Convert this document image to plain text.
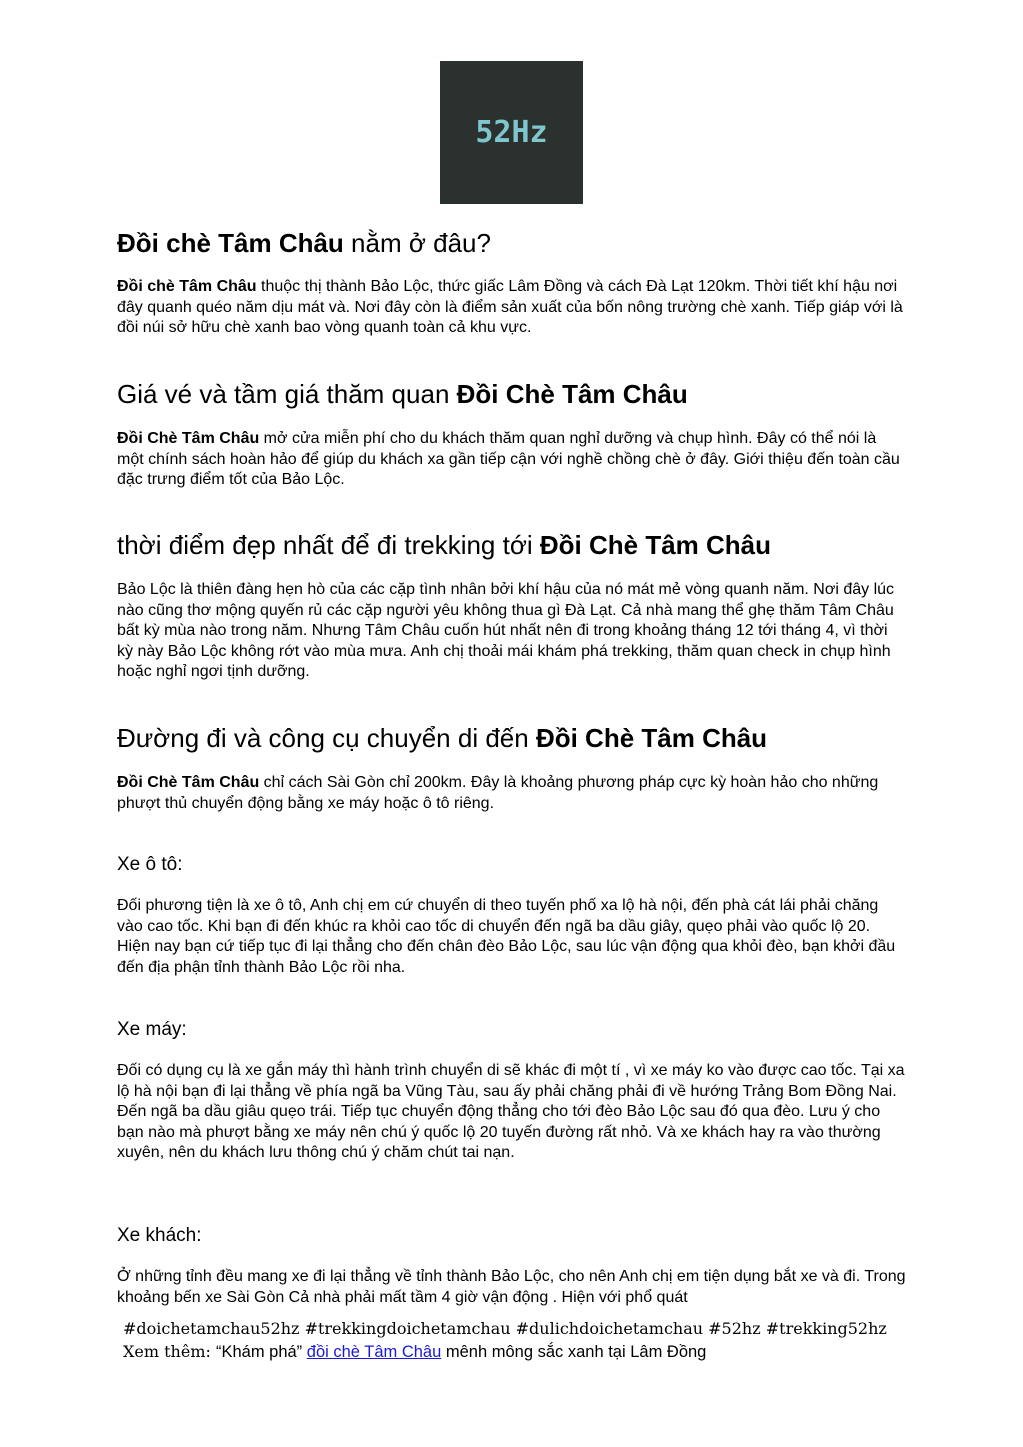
52Hz
Đồi chè Tâm Châu nằm ở đâu?

Đồi chè Tâm Châu thuộc thị thành Bảo Lộc, thức giấc Lâm Đồng và cách Đà Lạt 120km. Thời tiết khí hậu nơi đây quanh quéo năm dịu mát và. Nơi đây còn là điểm sản xuất của bốn nông trường chè xanh. Tiếp giáp với là đồi núi sở hữu chè xanh bao vòng quanh toàn cả khu vực.

Giá vé và tầm giá thăm quan Đồi Chè Tâm Châu

Đồi Chè Tâm Châu mở cửa miễn phí cho du khách thăm quan nghỉ dưỡng và chụp hình. Đây có thể nói là một chính sách hoàn hảo để giúp du khách xa gần tiếp cận với nghề chồng chè ở đây. Giới thiệu đến toàn cầu đặc trưng điểm tốt của Bảo Lộc.

thời điểm đẹp nhất để đi trekking tới Đồi Chè Tâm Châu

Bảo Lộc là thiên đàng hẹn hò của các cặp tình nhân bởi khí hậu của nó mát mẻ vòng quanh năm. Nơi đây lúc nào cũng thơ mộng quyến rủ các cặp người yêu không thua gì Đà Lạt. Cả nhà mang thể ghẹ thăm Tâm Châu bất kỳ mùa nào trong năm. Nhưng Tâm Châu cuốn hút nhất nên đi trong khoảng tháng 12 tới tháng 4, vì thời kỳ này Bảo Lộc không rớt vào mùa mưa. Anh chị thoải mái khám phá trekking, thăm quan check in chụp hình hoặc nghỉ ngơi tịnh dưỡng.

Đường đi và công cụ chuyển di đến Đồi Chè Tâm Châu

Đồi Chè Tâm Châu chỉ cách Sài Gòn chỉ 200km. Đây là khoảng phương pháp cực kỳ hoàn hảo cho những phượt thủ chuyển động bằng xe máy hoặc ô tô riêng.

Xe ô tô:

Đối phương tiện là xe ô tô, Anh chị em cứ chuyển di theo tuyến phố xa lộ hà nội, đến phà cát lái phải chăng vào cao tốc. Khi bạn đi đến khúc ra khỏi cao tốc di chuyển đến ngã ba dầu giây, quẹo phải vào quốc lộ 20. Hiện nay bạn cứ tiếp tục đi lại thẳng cho đến chân đèo Bảo Lộc, sau lúc vận động qua khỏi đèo, bạn khởi đầu đến địa phận tỉnh thành Bảo Lộc rồi nha.

Xe máy:

Đối có dụng cụ là xe gắn máy thì hành trình chuyển di sẽ khác đi một tí , vì xe máy ko vào được cao tốc. Tại xa lộ hà nội bạn đi lại thẳng về phía ngã ba Vũng Tàu, sau ấy phải chăng phải đi về hướng Trảng Bom Đồng Nai. Đến ngã ba dầu giâu quẹo trái. Tiếp tục chuyển động thẳng cho tới đèo Bảo Lộc sau đó qua đèo. Lưu ý cho bạn nào mà phượt bằng xe máy nên chú ý quốc lộ 20 tuyến đường rất nhỏ. Và xe khách hay ra vào thường xuyên, nên du khách lưu thông chú ý chăm chút tai nạn.

Xe khách:

Ở những tỉnh đều mang xe đi lại thẳng về tỉnh thành Bảo Lộc, cho nên Anh chị em tiện dụng bắt xe và đi. Trong khoảng bến xe Sài Gòn Cả nhà phải mất tầm 4 giờ vận động . Hiện với phổ quát

#doichetamchau52hz #trekkingdoichetamchau #dulichdoichetamchau #52hz #trekking52hz
Xem thêm: “Khám phá” đồi chè Tâm Châu mênh mông sắc xanh tại Lâm Đồng
